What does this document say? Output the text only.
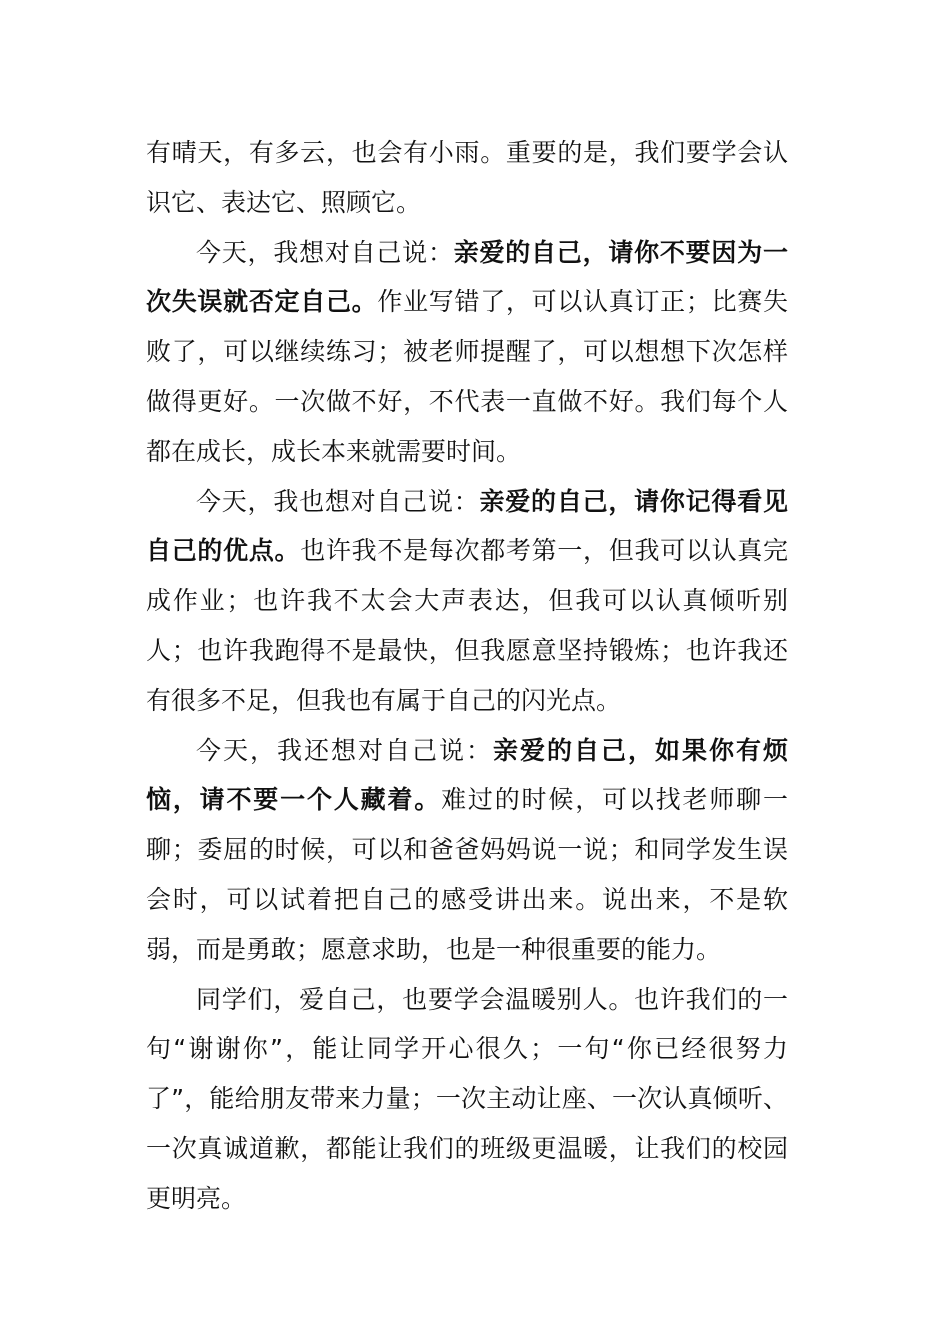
有晴天，有多云，也会有小雨。重要的是，我们要学会认识它、表达它、照顾它。

今天，我想对自己说：亲爱的自己，请你不要因为一次失误就否定自己。作业写错了，可以认真订正；比赛失败了，可以继续练习；被老师提醒了，可以想想下次怎样做得更好。一次做不好，不代表一直做不好。我们每个人都在成长，成长本来就需要时间。

今天，我也想对自己说：亲爱的自己，请你记得看见自己的优点。也许我不是每次都考第一，但我可以认真完成作业；也许我不太会大声表达，但我可以认真倾听别人；也许我跑得不是最快，但我愿意坚持锻炼；也许我还有很多不足，但我也有属于自己的闪光点。

今天，我还想对自己说：亲爱的自己，如果你有烦恼，请不要一个人藏着。难过的时候，可以找老师聊一聊；委屈的时候，可以和爸爸妈妈说一说；和同学发生误会时，可以试着把自己的感受讲出来。说出来，不是软弱，而是勇敢；愿意求助，也是一种很重要的能力。

同学们，爱自己，也要学会温暖别人。也许我们的一句“谢谢你”，能让同学开心很久；一句“你已经很努力了”，能给朋友带来力量；一次主动让座、一次认真倾听、一次真诚道歉，都能让我们的班级更温暖，让我们的校园更明亮。
